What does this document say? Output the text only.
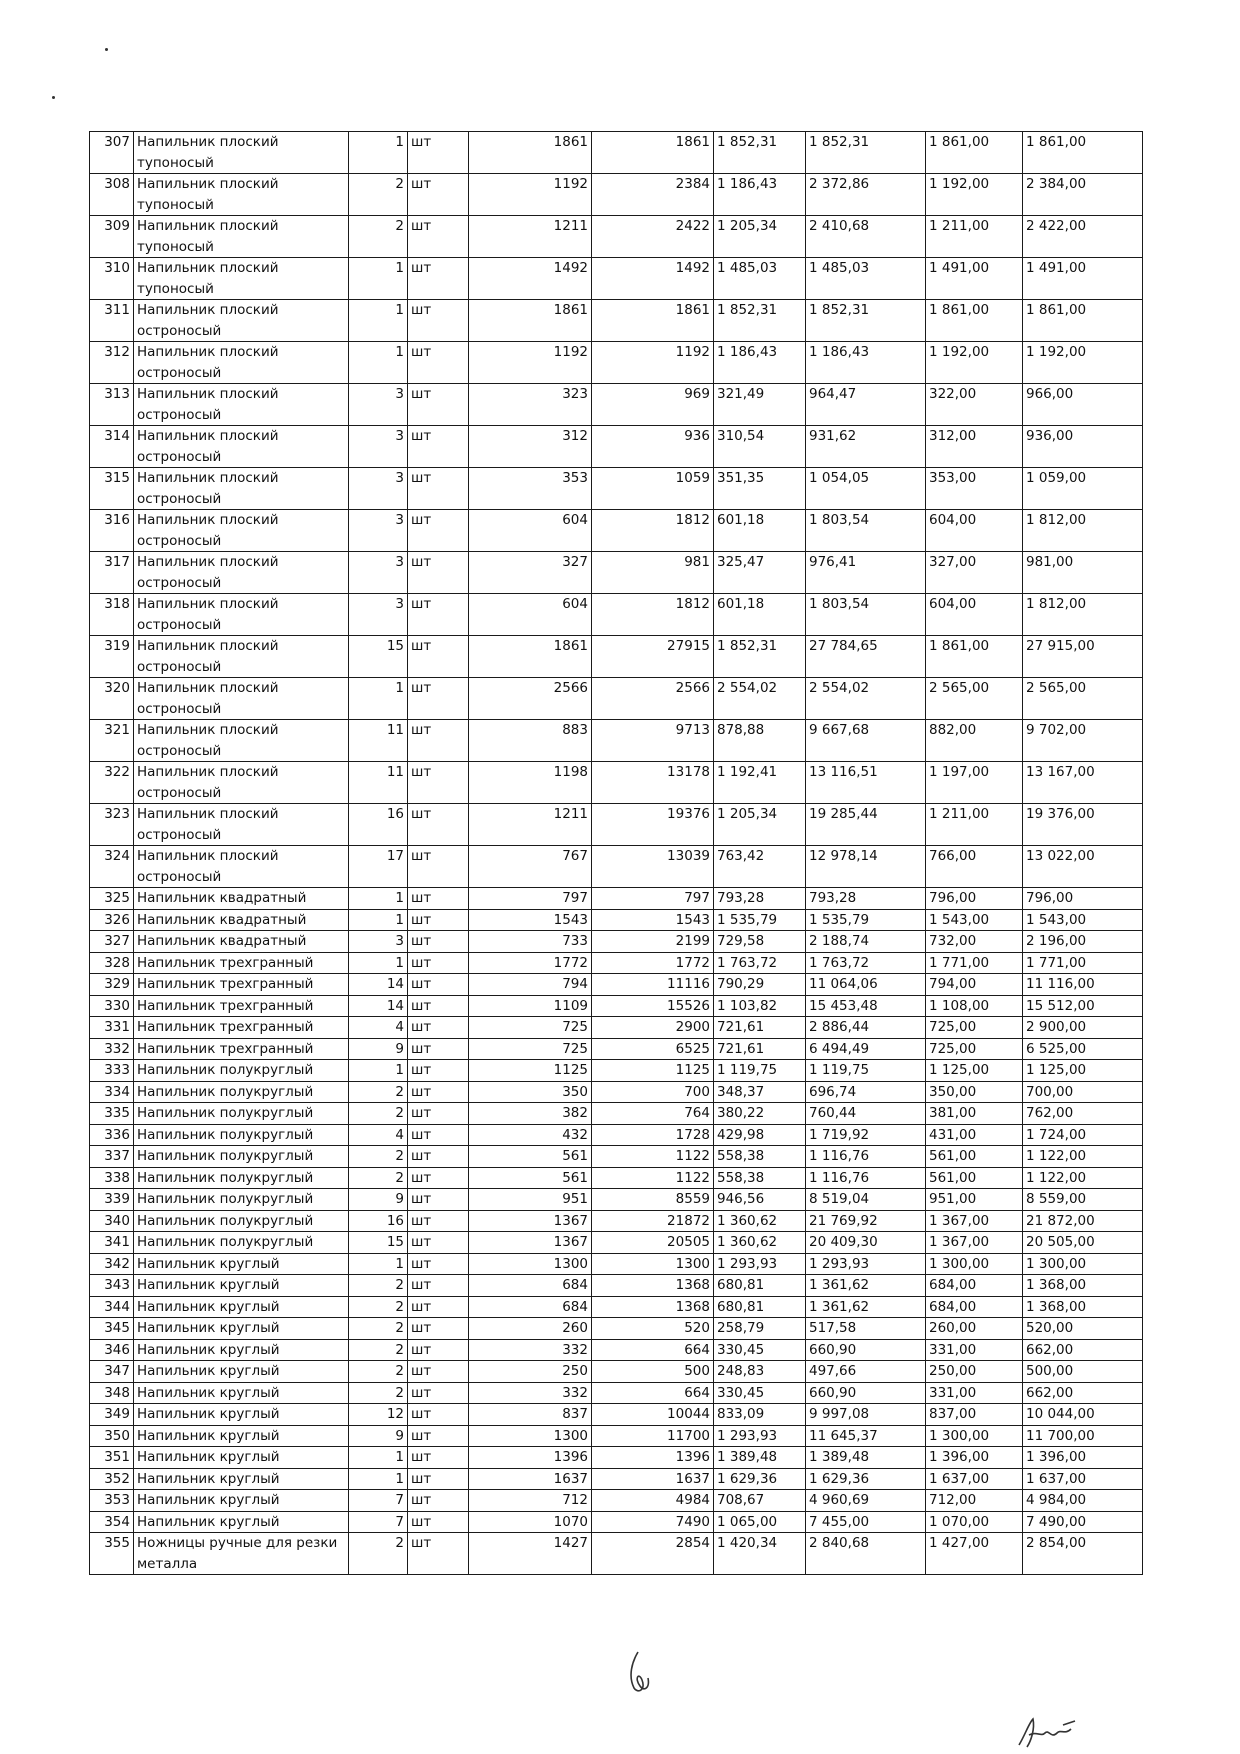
307	Напильник плоский тупоносый	1	шт	1861	1861	1 852,31	1 852,31	1 861,00	1 861,00
308	Напильник плоский тупоносый	2	шт	1192	2384	1 186,43	2 372,86	1 192,00	2 384,00
309	Напильник плоский тупоносый	2	шт	1211	2422	1 205,34	2 410,68	1 211,00	2 422,00
310	Напильник плоский тупоносый	1	шт	1492	1492	1 485,03	1 485,03	1 491,00	1 491,00
311	Напильник плоский остроносый	1	шт	1861	1861	1 852,31	1 852,31	1 861,00	1 861,00
312	Напильник плоский остроносый	1	шт	1192	1192	1 186,43	1 186,43	1 192,00	1 192,00
313	Напильник плоский остроносый	3	шт	323	969	321,49	964,47	322,00	966,00
314	Напильник плоский остроносый	3	шт	312	936	310,54	931,62	312,00	936,00
315	Напильник плоский остроносый	3	шт	353	1059	351,35	1 054,05	353,00	1 059,00
316	Напильник плоский остроносый	3	шт	604	1812	601,18	1 803,54	604,00	1 812,00
317	Напильник плоский остроносый	3	шт	327	981	325,47	976,41	327,00	981,00
318	Напильник плоский остроносый	3	шт	604	1812	601,18	1 803,54	604,00	1 812,00
319	Напильник плоский остроносый	15	шт	1861	27915	1 852,31	27 784,65	1 861,00	27 915,00
320	Напильник плоский остроносый	1	шт	2566	2566	2 554,02	2 554,02	2 565,00	2 565,00
321	Напильник плоский остроносый	11	шт	883	9713	878,88	9 667,68	882,00	9 702,00
322	Напильник плоский остроносый	11	шт	1198	13178	1 192,41	13 116,51	1 197,00	13 167,00
323	Напильник плоский остроносый	16	шт	1211	19376	1 205,34	19 285,44	1 211,00	19 376,00
324	Напильник плоский остроносый	17	шт	767	13039	763,42	12 978,14	766,00	13 022,00
325	Напильник квадратный	1	шт	797	797	793,28	793,28	796,00	796,00
326	Напильник квадратный	1	шт	1543	1543	1 535,79	1 535,79	1 543,00	1 543,00
327	Напильник квадратный	3	шт	733	2199	729,58	2 188,74	732,00	2 196,00
328	Напильник трехгранный	1	шт	1772	1772	1 763,72	1 763,72	1 771,00	1 771,00
329	Напильник трехгранный	14	шт	794	11116	790,29	11 064,06	794,00	11 116,00
330	Напильник трехгранный	14	шт	1109	15526	1 103,82	15 453,48	1 108,00	15 512,00
331	Напильник трехгранный	4	шт	725	2900	721,61	2 886,44	725,00	2 900,00
332	Напильник трехгранный	9	шт	725	6525	721,61	6 494,49	725,00	6 525,00
333	Напильник полукруглый	1	шт	1125	1125	1 119,75	1 119,75	1 125,00	1 125,00
334	Напильник полукруглый	2	шт	350	700	348,37	696,74	350,00	700,00
335	Напильник полукруглый	2	шт	382	764	380,22	760,44	381,00	762,00
336	Напильник полукруглый	4	шт	432	1728	429,98	1 719,92	431,00	1 724,00
337	Напильник полукруглый	2	шт	561	1122	558,38	1 116,76	561,00	1 122,00
338	Напильник полукруглый	2	шт	561	1122	558,38	1 116,76	561,00	1 122,00
339	Напильник полукруглый	9	шт	951	8559	946,56	8 519,04	951,00	8 559,00
340	Напильник полукруглый	16	шт	1367	21872	1 360,62	21 769,92	1 367,00	21 872,00
341	Напильник полукруглый	15	шт	1367	20505	1 360,62	20 409,30	1 367,00	20 505,00
342	Напильник круглый	1	шт	1300	1300	1 293,93	1 293,93	1 300,00	1 300,00
343	Напильник круглый	2	шт	684	1368	680,81	1 361,62	684,00	1 368,00
344	Напильник круглый	2	шт	684	1368	680,81	1 361,62	684,00	1 368,00
345	Напильник круглый	2	шт	260	520	258,79	517,58	260,00	520,00
346	Напильник круглый	2	шт	332	664	330,45	660,90	331,00	662,00
347	Напильник круглый	2	шт	250	500	248,83	497,66	250,00	500,00
348	Напильник круглый	2	шт	332	664	330,45	660,90	331,00	662,00
349	Напильник круглый	12	шт	837	10044	833,09	9 997,08	837,00	10 044,00
350	Напильник круглый	9	шт	1300	11700	1 293,93	11 645,37	1 300,00	11 700,00
351	Напильник круглый	1	шт	1396	1396	1 389,48	1 389,48	1 396,00	1 396,00
352	Напильник круглый	1	шт	1637	1637	1 629,36	1 629,36	1 637,00	1 637,00
353	Напильник круглый	7	шт	712	4984	708,67	4 960,69	712,00	4 984,00
354	Напильник круглый	7	шт	1070	7490	1 065,00	7 455,00	1 070,00	7 490,00
355	Ножницы ручные для резки металла	2	шт	1427	2854	1 420,34	2 840,68	1 427,00	2 854,00
